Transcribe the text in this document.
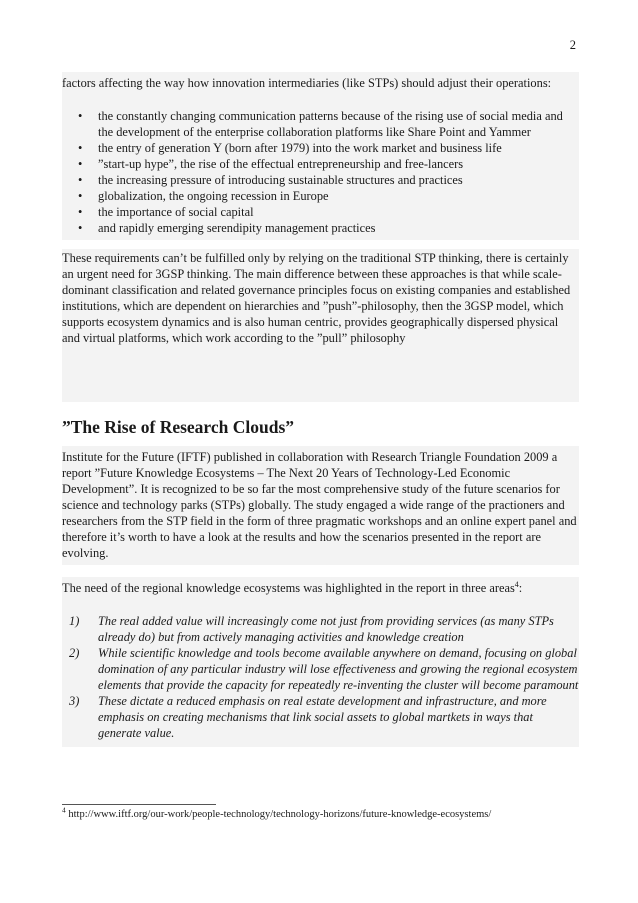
2

factors affecting the way how innovation intermediaries (like STPs) should adjust their operations:

• the constantly changing communication patterns because of the rising use of social media and the development of the enterprise collaboration platforms like Share Point and Yammer
• the entry of generation Y (born after 1979) into the work market and business life
• ”start-up hype”, the rise of the effectual entrepreneurship and free-lancers
• the increasing pressure of introducing sustainable structures and practices
• globalization, the ongoing recession in Europe
• the importance of social capital
• and rapidly emerging serendipity management practices

These requirements can’t be fulfilled only by relying on the traditional STP thinking, there is certainly an urgent need for 3GSP thinking. The main difference between these approaches is that while scale-dominant classification and related governance principles focus on existing companies and established institutions, which are dependent on hierarchies and ”push”-philosophy, then the 3GSP model, which supports ecosystem dynamics and is also human centric, provides geographically dispersed physical and virtual platforms, which work according to the ”pull” philosophy

”The Rise of Research Clouds”

Institute for the Future (IFTF) published in collaboration with Research Triangle Foundation 2009 a report ”Future Knowledge Ecosystems – The Next 20 Years of Technology-Led Economic Development”. It is recognized to be so far the most comprehensive study of the future scenarios for science and technology parks (STPs) globally. The study engaged a wide range of the practioners and researchers from the STP field in the form of three pragmatic workshops and an online expert panel and therefore it’s worth to have a look at the results and how the scenarios presented in the report are evolving.

The need of the regional knowledge ecosystems was highlighted in the report in three areas$^4$:

1) The real added value will increasingly come not just from providing services (as many STPs already do) but from actively managing activities and knowledge creation
2) While scientific knowledge and tools become available anywhere on demand, focusing on global domination of any particular industry will lose effectiveness and growing the regional ecosystem elements that provide the capacity for repeatedly re-inventing the cluster will become paramount
3) These dictate a reduced emphasis on real estate development and infrastructure, and more emphasis on creating mechanisms that link social assets to global martkets in ways that generate value.
$^4$ http://www.iftf.org/our-work/people-technology/technology-horizons/future-knowledge-ecosystems/
